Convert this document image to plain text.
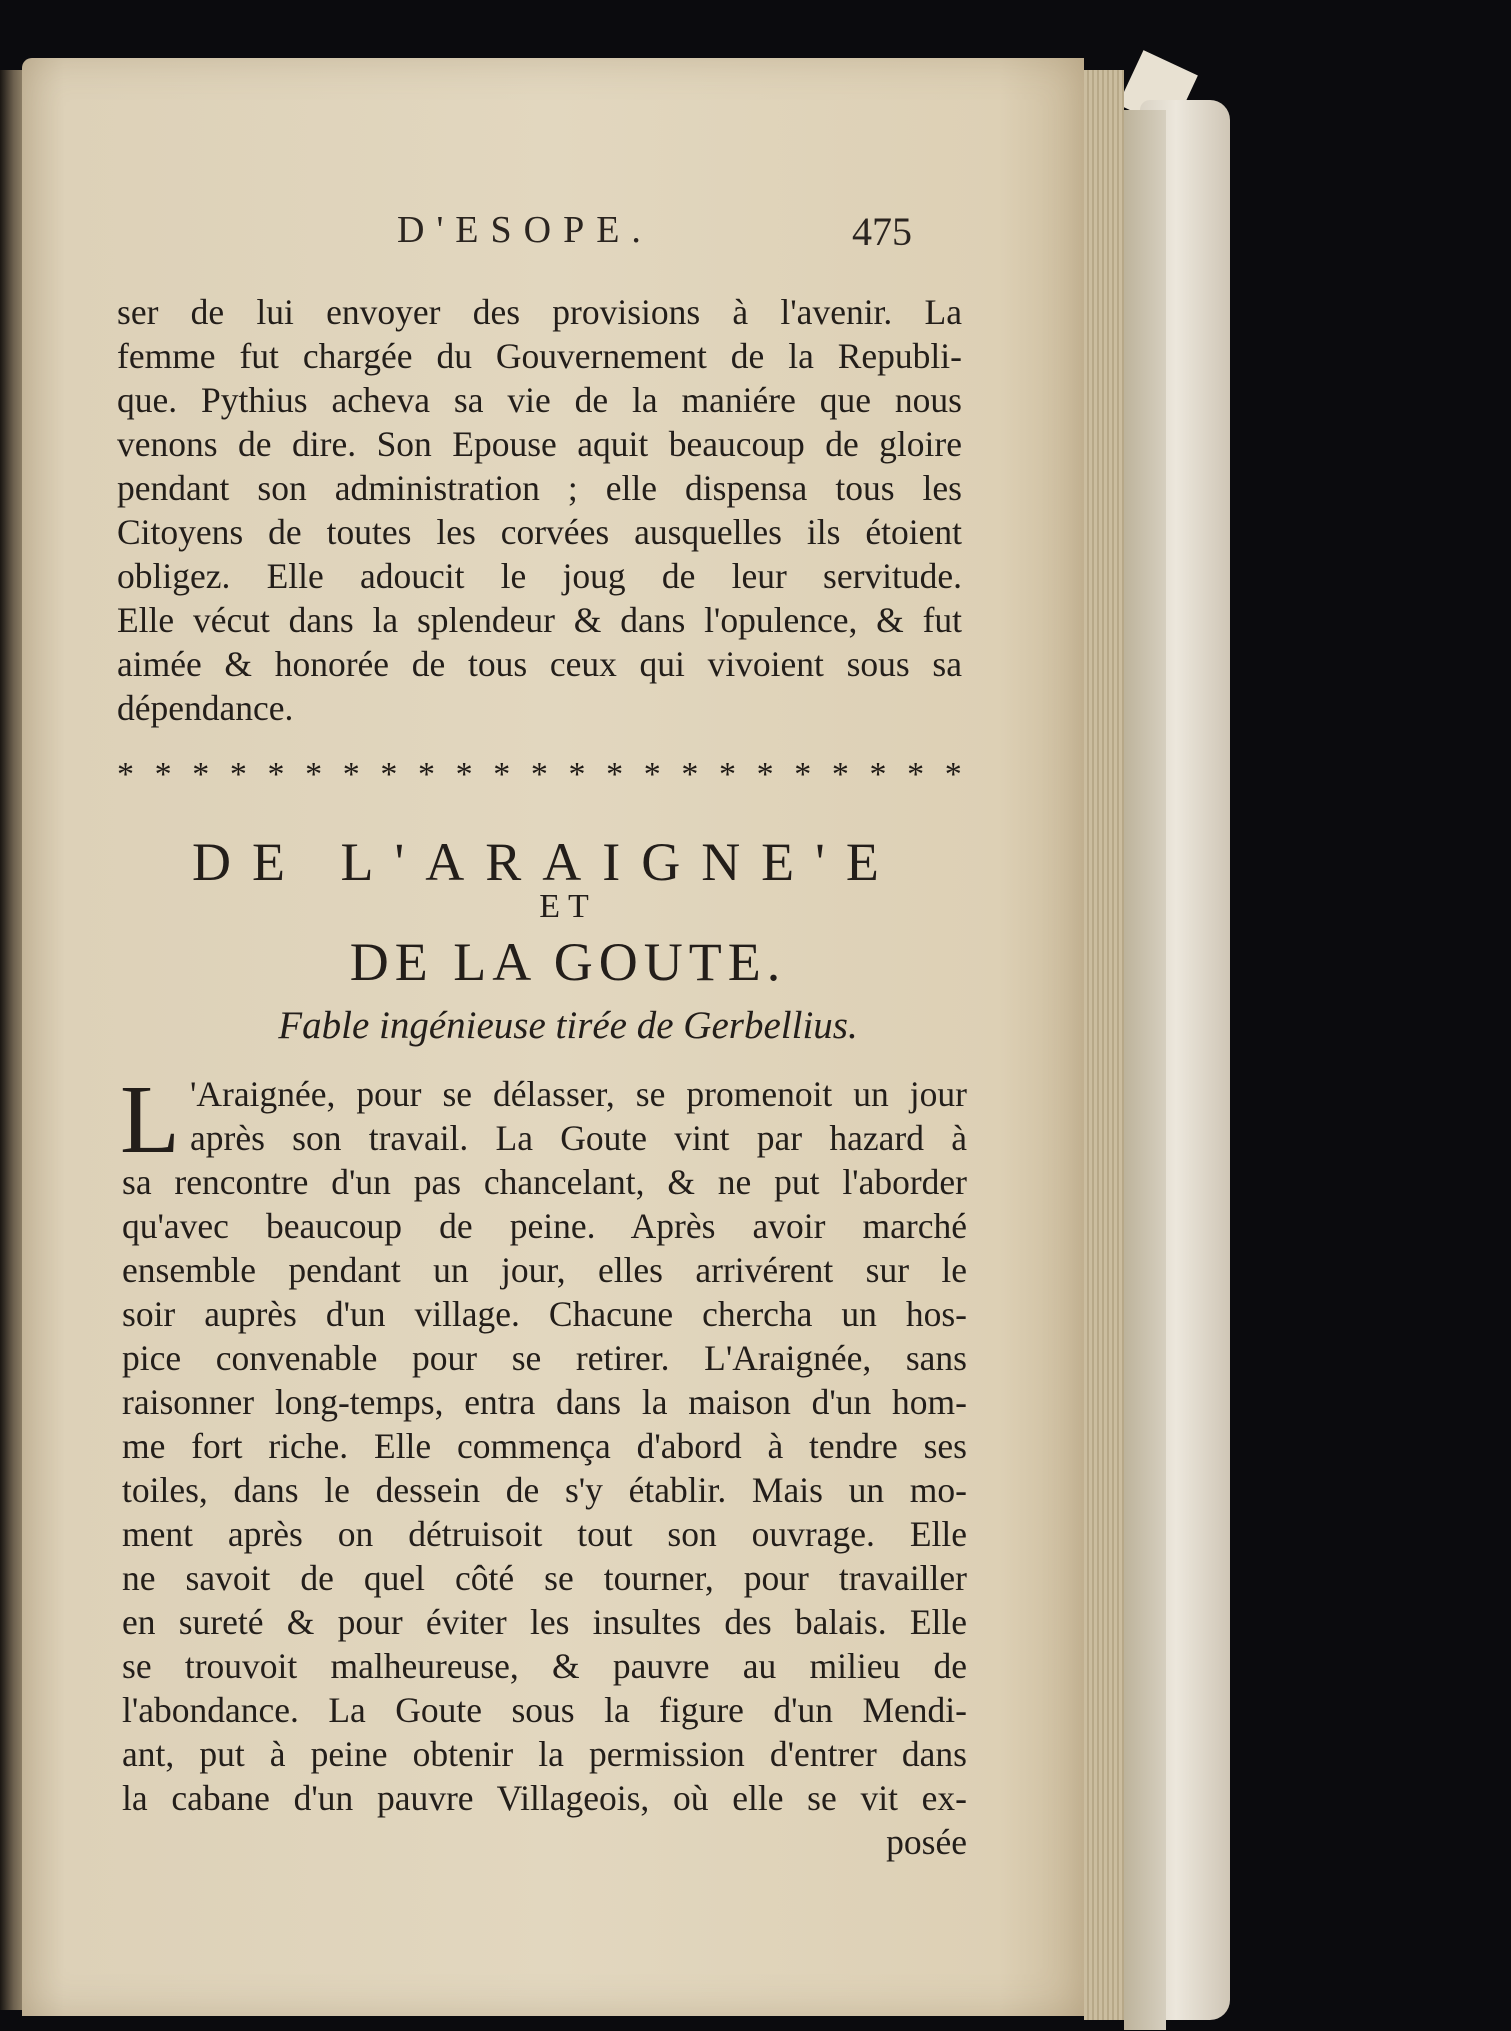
D'ESOPE.	475
ser de lui envoyer des provisions à l'avenir. La
femme fut chargée du Gouvernement de la Republi-
que. Pythius acheva sa vie de la maniére que nous
venons de dire. Son Epouse aquit beaucoup de gloire
pendant son administration ; elle dispensa tous les
Citoyens de toutes les corvées ausquelles ils étoient
obligez. Elle adoucit le joug de leur servitude.
Elle vécut dans la splendeur & dans l'opulence, & fut
aimée & honorée de tous ceux qui vivoient sous sa
dépendance.
* * * * * * * * * * * * * * * * * * * * * * *
DE L'ARAIGNE'E
ET
DE LA GOUTE.
Fable ingénieuse tirée de Gerbellius.
L 'Araignée, pour se délasser, se promenoit un jour
après son travail. La Goute vint par hazard à
sa rencontre d'un pas chancelant, & ne put l'aborder
qu'avec beaucoup de peine. Après avoir marché
ensemble pendant un jour, elles arrivérent sur le
soir auprès d'un village. Chacune chercha un hos-
pice convenable pour se retirer. L'Araignée, sans
raisonner long-temps, entra dans la maison d'un hom-
me fort riche. Elle commença d'abord à tendre ses
toiles, dans le dessein de s'y établir. Mais un mo-
ment après on détruisoit tout son ouvrage. Elle
ne savoit de quel côté se tourner, pour travailler
en sureté & pour éviter les insultes des balais. Elle
se trouvoit malheureuse, & pauvre au milieu de
l'abondance. La Goute sous la figure d'un Mendi-
ant, put à peine obtenir la permission d'entrer dans
la cabane d'un pauvre Villageois, où elle se vit ex-
posée
